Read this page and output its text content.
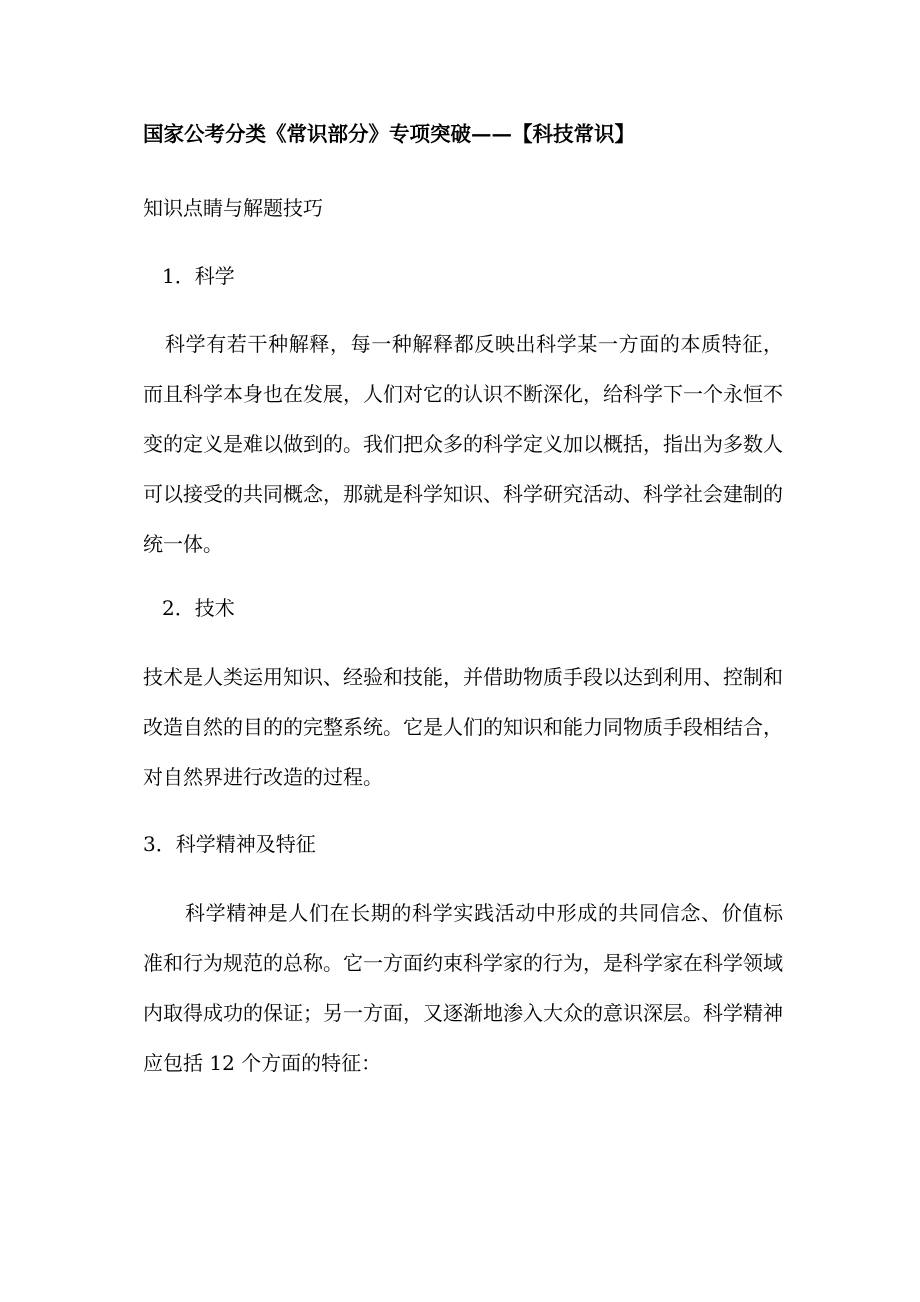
国家公考分类《常识部分》专项突破——【科技常识】
知识点睛与解题技巧
1．科学
科学有若干种解释，每一种解释都反映出科学某一方面的本质特征，而且科学本身也在发展，人们对它的认识不断深化，给科学下一个永恒不变的定义是难以做到的。我们把众多的科学定义加以概括，指出为多数人可以接受的共同概念，那就是科学知识、科学研究活动、科学社会建制的统一体。
2．技术
技术是人类运用知识、经验和技能，并借助物质手段以达到利用、控制和改造自然的目的的完整系统。它是人们的知识和能力同物质手段相结合，对自然界进行改造的过程。
3．科学精神及特征
科学精神是人们在长期的科学实践活动中形成的共同信念、价值标准和行为规范的总称。它一方面约束科学家的行为，是科学家在科学领域内取得成功的保证；另一方面，又逐渐地渗入大众的意识深层。科学精神应包括 12 个方面的特征：
